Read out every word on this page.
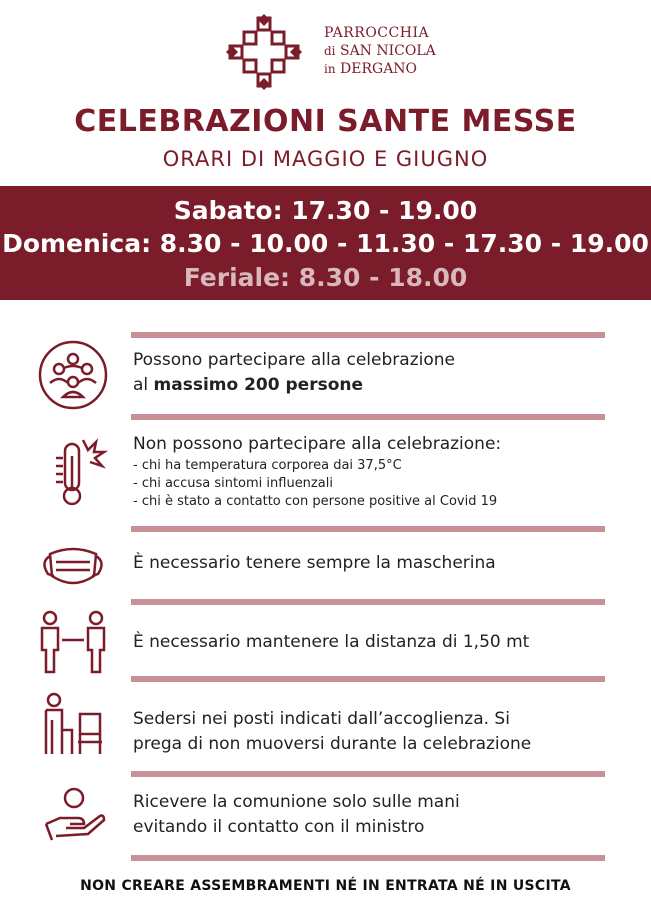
PARROCCHIA
di SAN NICOLA
in DERGANO
CELEBRAZIONI SANTE MESSE
ORARI DI MAGGIO E GIUGNO
Sabato: 17.30 - 19.00
Domenica: 8.30 - 10.00 - 11.30 - 17.30 - 19.00
Feriale: 8.30 - 18.00
Possono partecipare alla celebrazione
al massimo 200 persone
Non possono partecipare alla celebrazione:
- chi ha temperatura corporea dai 37,5°C
- chi accusa sintomi influenzali
- chi è stato a contatto con persone positive al Covid 19
È necessario tenere sempre la mascherina
È necessario mantenere la distanza di 1,50 mt
Sedersi nei posti indicati dall’accoglienza. Si
prega di non muoversi durante la celebrazione
Ricevere la comunione solo sulle mani
evitando il contatto con il ministro
NON CREARE ASSEMBRAMENTI NÉ IN ENTRATA NÉ IN USCITA
